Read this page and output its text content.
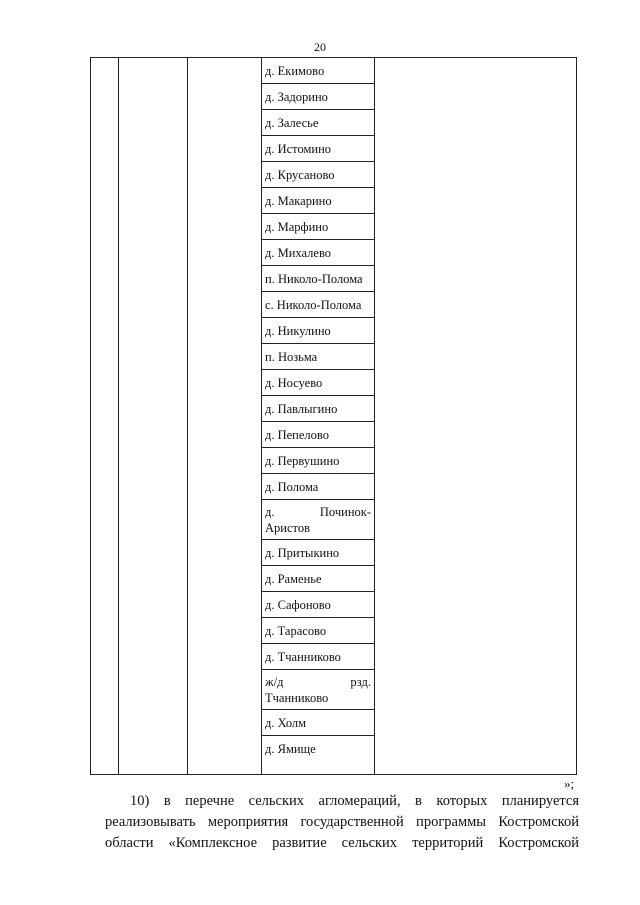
20
д. Екимово
д. Задорино
д. Залесье
д. Истомино
д. Крусаново
д. Макарино
д. Марфино
д. Михалево
п. Николо-Полома
с. Николо-Полома
д. Никулино
п. Нозьма
д. Носуево
д. Павлыгино
д. Пепелово
д. Первушино
д. Полома
д.	Починок-
Аристов
д. Притыкино
д. Раменье
д. Сафоново
д. Тарасово
д. Тчанниково
ж/д	рзд.
Тчанниково
д. Холм
д. Ямище
»;
10) в перечне сельских агломераций, в которых планируется
реализовывать мероприятия государственной программы Костромской
области «Комплексное развитие сельских территорий Костромской
